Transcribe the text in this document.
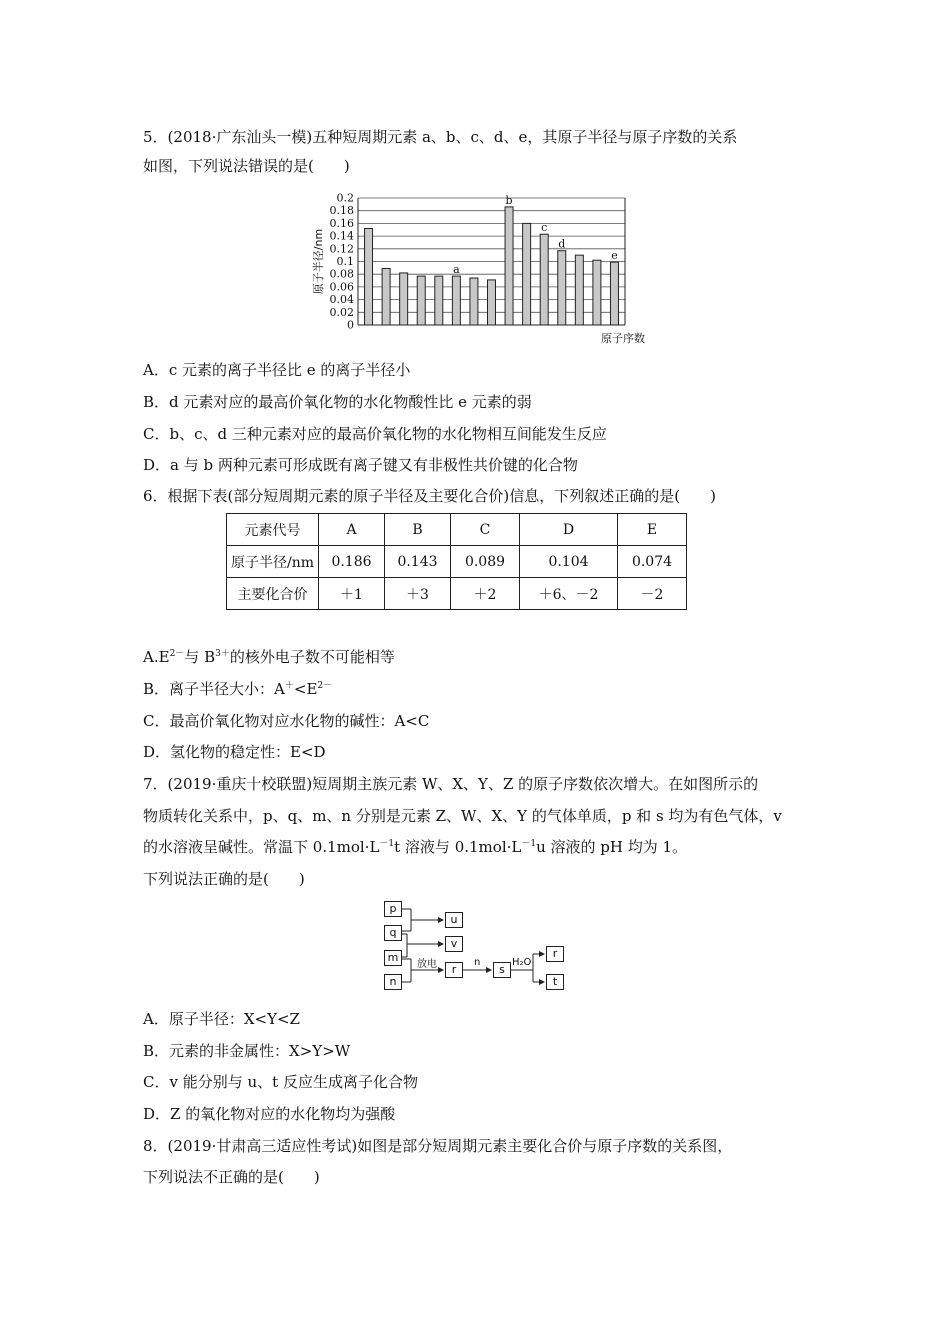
5．(2018·广东汕头一模)五种短周期元素 a、b、c、d、e，其原子半径与原子序数的关系
如图，下列说法错误的是(　　)
0.2
0.18
0.16
0.14
0.12
0.1
0.08
0.06
0.04
0.02
0
a
b
c
d
e
原子半径/nm
原子序数
A．c 元素的离子半径比 e 的离子半径小
B．d 元素对应的最高价氧化物的水化物酸性比 e 元素的弱
C．b、c、d 三种元素对应的最高价氧化物的水化物相互间能发生反应
D．a 与 b 两种元素可形成既有离子键又有非极性共价键的化合物
6．根据下表(部分短周期元素的原子半径及主要化合价)信息，下列叙述正确的是(　　)
元素代号	A	B	C	D	E
原子半径/nm	0.186	0.143	0.089	0.104	0.074
主要化合价	＋1	＋3	＋2	＋6、－2	－2
$A.E^{2-}$与 $B^{3+}$的核外电子数不可能相等
B．离子半径大小：$A^+<E^{2-}$
C．最高价氧化物对应水化物的碱性：A<C
D．氢化物的稳定性：E<D
7．(2019·重庆十校联盟)短周期主族元素 W、X、Y、Z 的原子序数依次增大。在如图所示的
物质转化关系中，p、q、m、n 分别是元素 Z、W、X、Y 的气体单质，p 和 s 均为有色气体，v
的水溶液呈碱性。常温下 $0.1mol\cdot L^{-1}t$ 溶液与 $0.1mol\cdot L^{-1}u$ 溶液的 pH 均为 1。
下列说法正确的是(　　)
p
q
m
n
u
v
r	s
r
t
放电	n	H₂O
A．原子半径：X<Y<Z
B．元素的非金属性：X>Y>W
C．v 能分别与 u、t 反应生成离子化合物
D．Z 的氧化物对应的水化物均为强酸
8．(2019·甘肃高三适应性考试)如图是部分短周期元素主要化合价与原子序数的关系图，
下列说法不正确的是(　　)
